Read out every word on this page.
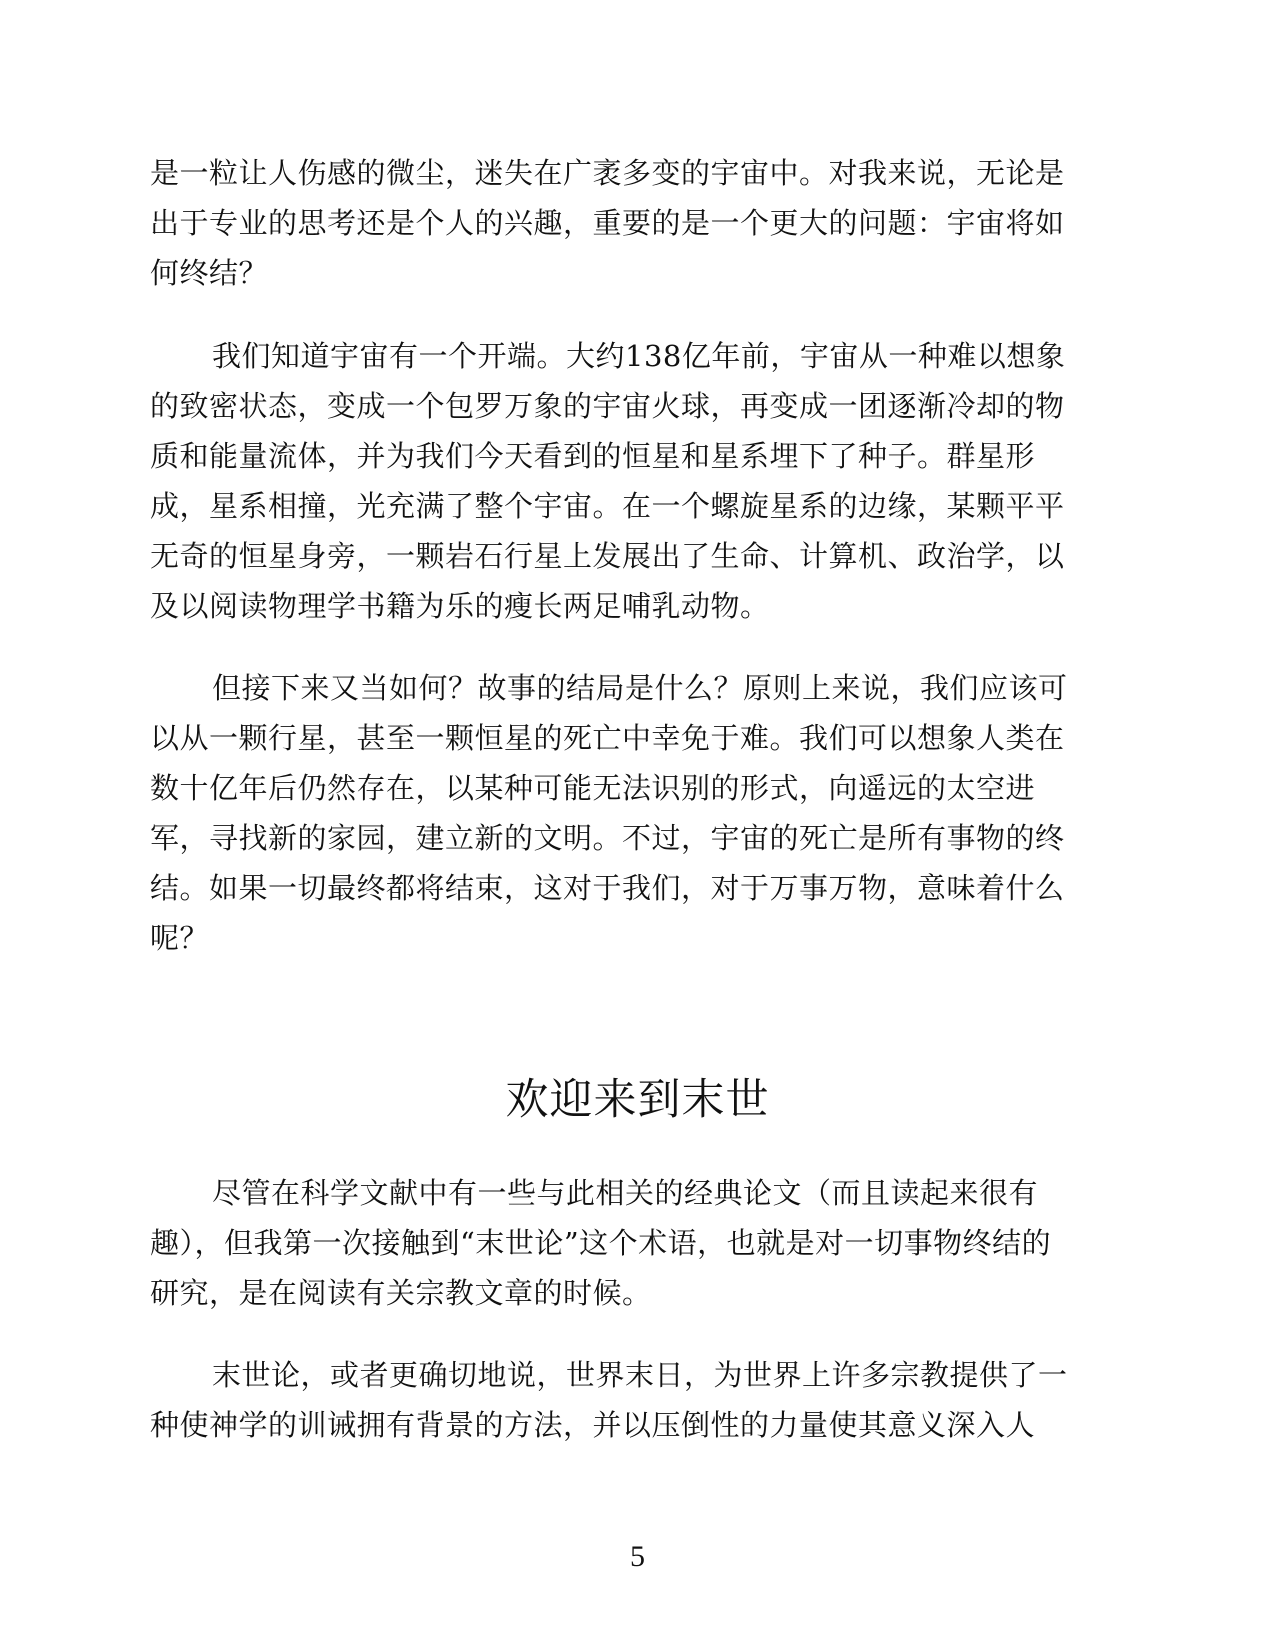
是一粒让人伤感的微尘，迷失在广袤多变的宇宙中。对我来说，无论是
出于专业的思考还是个人的兴趣，重要的是一个更大的问题：宇宙将如
何终结？

我们知道宇宙有一个开端。大约138亿年前，宇宙从一种难以想象
的致密状态，变成一个包罗万象的宇宙火球，再变成一团逐渐冷却的物
质和能量流体，并为我们今天看到的恒星和星系埋下了种子。群星形
成，星系相撞，光充满了整个宇宙。在一个螺旋星系的边缘，某颗平平
无奇的恒星身旁，一颗岩石行星上发展出了生命、计算机、政治学，以
及以阅读物理学书籍为乐的瘦长两足哺乳动物。

但接下来又当如何？故事的结局是什么？原则上来说，我们应该可
以从一颗行星，甚至一颗恒星的死亡中幸免于难。我们可以想象人类在
数十亿年后仍然存在，以某种可能无法识别的形式，向遥远的太空进
军，寻找新的家园，建立新的文明。不过，宇宙的死亡是所有事物的终
结。如果一切最终都将结束，这对于我们，对于万事万物，意味着什么
呢？

欢迎来到末世

尽管在科学文献中有一些与此相关的经典论文（而且读起来很有
趣），但我第一次接触到“末世论”这个术语，也就是对一切事物终结的
研究，是在阅读有关宗教文章的时候。

末世论，或者更确切地说，世界末日，为世界上许多宗教提供了一
种使神学的训诫拥有背景的方法，并以压倒性的力量使其意义深入人

5
